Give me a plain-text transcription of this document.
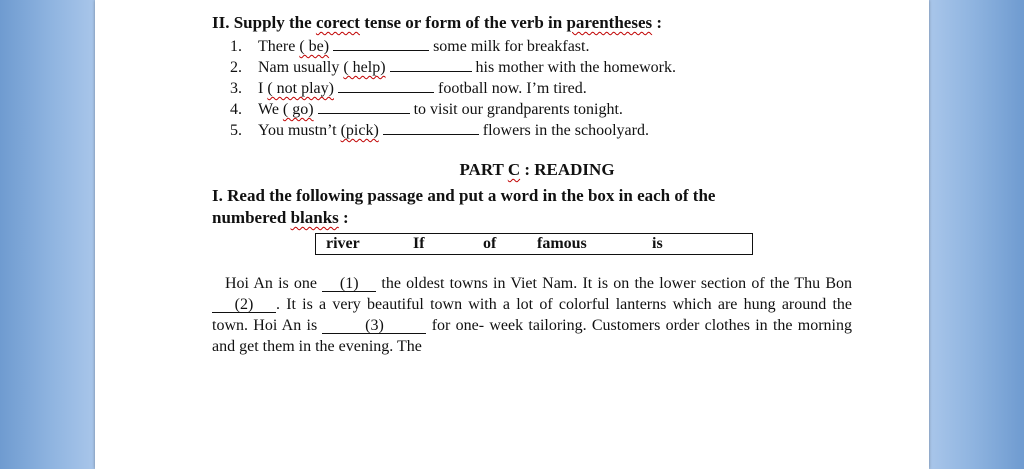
II. Supply the corect tense or form of the verb in parentheses :
1. There ( be)	some milk for breakfast.
2. Nam usually ( help)	his mother with the homework.
3. I ( not play)	football now. I’m tired.
4. We ( go)	to visit our grandparents tonight.
5. You mustn’t (pick)	flowers in the schoolyard.
PART C : READING
I. Read the following passage and put a word in the box in each of the
numbered blanks :
river	If	of	famous	is

Hoi An is one (1) the oldest towns in Viet Nam. It is on the lower section of the Thu Bon (2) . It is a very beautiful town with a lot of colorful lanterns which are hung around the town. Hoi An is	(3)	for one- week tailoring. Customers order clothes in the morning and get them in the evening. The
